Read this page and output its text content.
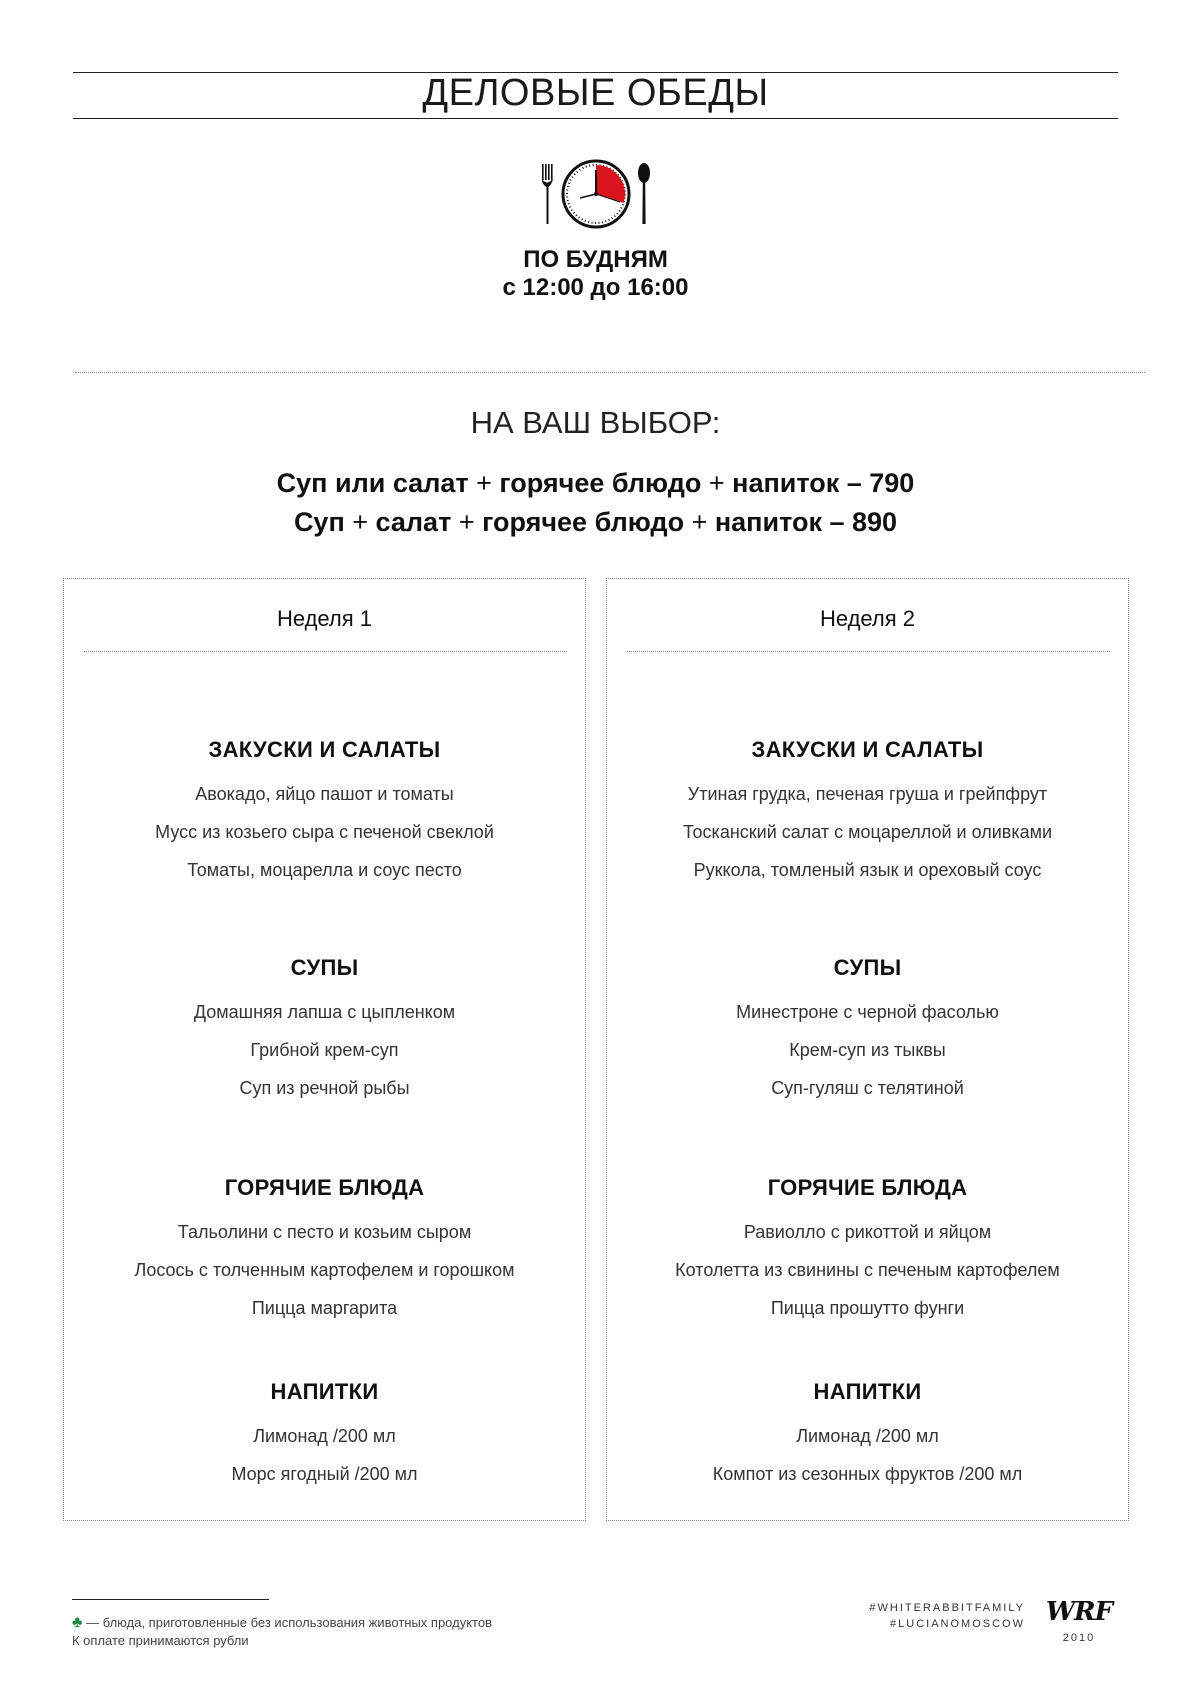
ДЕЛОВЫЕ ОБЕДЫ
ПО БУДНЯМ
с 12:00 до 16:00
НА ВАШ ВЫБОР:
Суп или салат + горячее блюдо + напиток – 790
Суп + салат + горячее блюдо + напиток – 890
Неделя 1
ЗАКУСКИ И САЛАТЫ
Авокадо, яйцо пашот и томаты
Мусс из козьего сыра с печеной свеклой
Томаты, моцарелла и соус песто
СУПЫ
Домашняя лапша с цыпленком
Грибной крем-суп
Суп из речной рыбы
ГОРЯЧИЕ БЛЮДА
Тальолини с песто и козьим сыром
Лосось с толченным картофелем и горошком
Пицца маргарита
НАПИТКИ
Лимонад /200 мл
Морс ягодный /200 мл
Неделя 2
ЗАКУСКИ И САЛАТЫ
Утиная грудка, печеная груша и грейпфрут
Тосканский салат с моцареллой и оливками
Руккола, томленый язык и ореховый соус
СУПЫ
Минестроне с черной фасолью
Крем-суп из тыквы
Суп-гуляш с телятиной
ГОРЯЧИЕ БЛЮДА
Равиолло с рикоттой и яйцом
Котолетта из свинины с печеным картофелем
Пицца прошутто фунги
НАПИТКИ
Лимонад /200 мл
Компот из сезонных фруктов /200 мл
♣ — блюда, приготовленные без использования животных продуктов
К оплате принимаются рубли
#WHITERABBITFAMILY
#LUCIANOMOSCOW WRF
2010
